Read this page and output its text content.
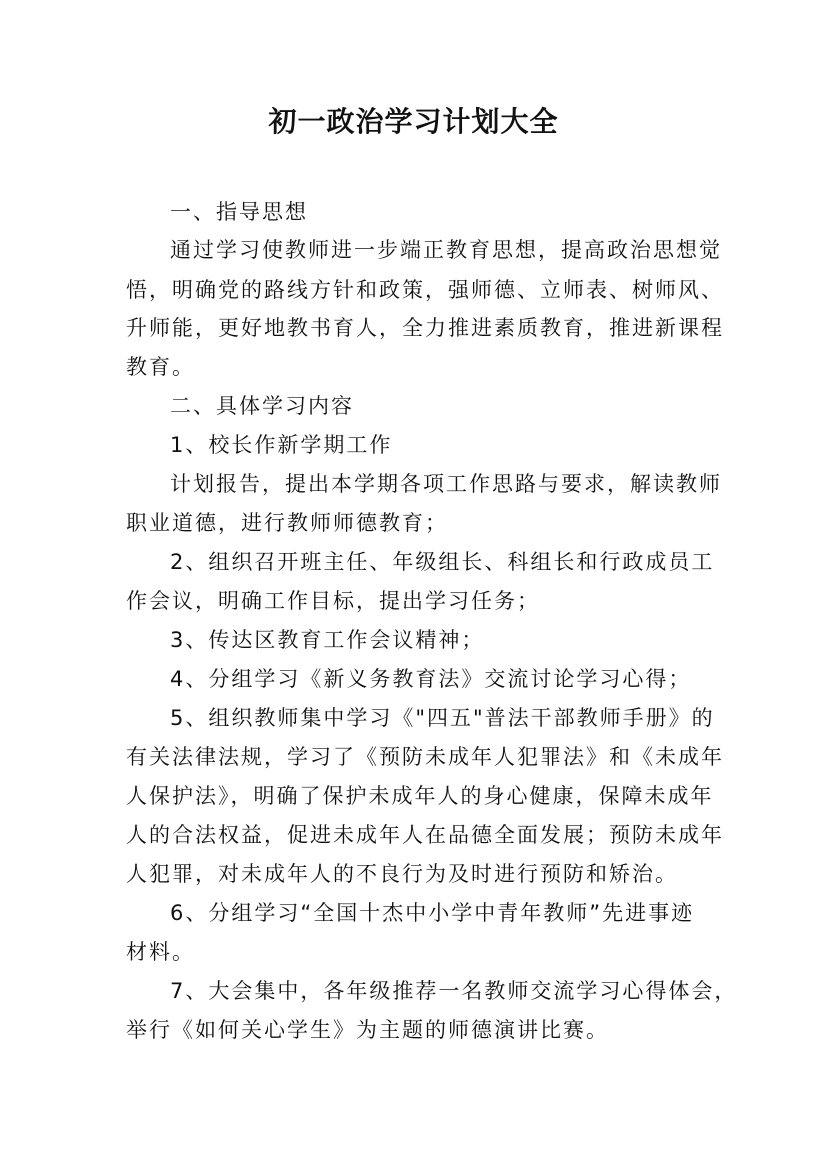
初一政治学习计划大全
一、指导思想
通过学习使教师进一步端正教育思想，提高政治思想觉
悟，明确党的路线方针和政策，强师德、立师表、树师风、
升师能，更好地教书育人，全力推进素质教育，推进新课程
教育。
二、具体学习内容
1、校长作新学期工作
计划报告，提出本学期各项工作思路与要求，解读教师
职业道德，进行教师师德教育；
2、组织召开班主任、年级组长、科组长和行政成员工
作会议，明确工作目标，提出学习任务；
3、传达区教育工作会议精神；
4、分组学习《新义务教育法》交流讨论学习心得；
5、组织教师集中学习《"四五"普法干部教师手册》的
有关法律法规，学习了《预防未成年人犯罪法》和《未成年
人保护法》，明确了保护未成年人的身心健康，保障未成年
人的合法权益，促进未成年人在品德全面发展；预防未成年
人犯罪，对未成年人的不良行为及时进行预防和矫治。
6、分组学习“全国十杰中小学中青年教师”先进事迹
材料。
7、大会集中，各年级推荐一名教师交流学习心得体会，
举行《如何关心学生》为主题的师德演讲比赛。
